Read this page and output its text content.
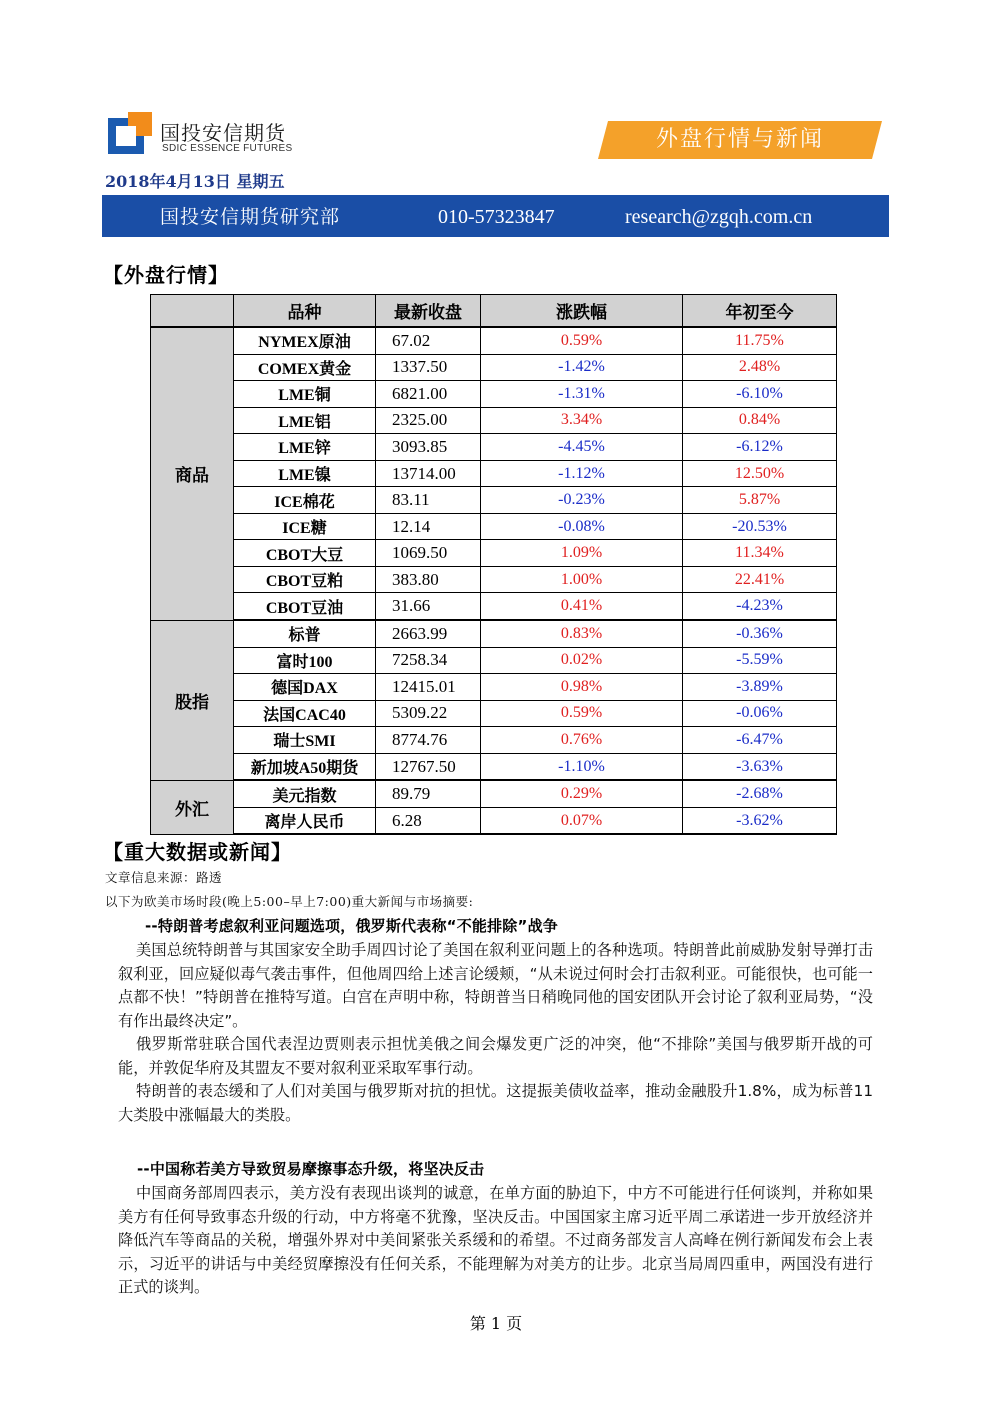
国投安信期货
SDIC ESSENCE FUTURES	外盘行情与新闻
2018年4月13日 星期五
国投安信期货研究部	010-57323847	research@zgqh.com.cn
【外盘行情】
	品种	最新收盘	涨跌幅	年初至今
商品	NYMEX原油	67.02	0.59%	11.75%
	COMEX黄金	1337.50	-1.42%	2.48%
	LME铜	6821.00	-1.31%	-6.10%
	LME铝	2325.00	3.34%	0.84%
	LME锌	3093.85	-4.45%	-6.12%
	LME镍	13714.00	-1.12%	12.50%
	ICE棉花	83.11	-0.23%	5.87%
	ICE糖	12.14	-0.08%	-20.53%
	CBOT大豆	1069.50	1.09%	11.34%
	CBOT豆粕	383.80	1.00%	22.41%
	CBOT豆油	31.66	0.41%	-4.23%
股指	标普	2663.99	0.83%	-0.36%
	富时100	7258.34	0.02%	-5.59%
	德国DAX	12415.01	0.98%	-3.89%
	法国CAC40	5309.22	0.59%	-0.06%
	瑞士SMI	8774.76	0.76%	-6.47%
	新加坡A50期货	12767.50	-1.10%	-3.63%
外汇	美元指数	89.79	0.29%	-2.68%
	离岸人民币	6.28	0.07%	-3.62%
【重大数据或新闻】
文章信息来源：路透
以下为欧美市场时段(晚上5:00–早上7:00)重大新闻与市场摘要:
--特朗普考虑叙利亚问题选项，俄罗斯代表称“不能排除”战争

美国总统特朗普与其国家安全助手周四讨论了美国在叙利亚问题上的各种选项。特朗普此前威胁发射导弹打击叙利亚，回应疑似毒气袭击事件，但他周四给上述言论缓颊，“从未说过何时会打击叙利亚。可能很快，也可能一点都不快！”特朗普在推特写道。白宫在声明中称，特朗普当日稍晚同他的国安团队开会讨论了叙利亚局势，“没有作出最终决定”。

俄罗斯常驻联合国代表涅边贾则表示担忧美俄之间会爆发更广泛的冲突，他“不排除”美国与俄罗斯开战的可能，并敦促华府及其盟友不要对叙利亚采取军事行动。

特朗普的表态缓和了人们对美国与俄罗斯对抗的担忧。这提振美债收益率，推动金融股升1.8%，成为标普11大类股中涨幅最大的类股。

--中国称若美方导致贸易摩擦事态升级，将坚决反击

中国商务部周四表示，美方没有表现出谈判的诚意，在单方面的胁迫下，中方不可能进行任何谈判，并称如果美方有任何导致事态升级的行动，中方将毫不犹豫，坚决反击。中国国家主席习近平周二承诺进一步开放经济并降低汽车等商品的关税，增强外界对中美间紧张关系缓和的希望。不过商务部发言人高峰在例行新闻发布会上表示，习近平的讲话与中美经贸摩擦没有任何关系，不能理解为对美方的让步。北京当局周四重申，两国没有进行正式的谈判。

第 1 页
